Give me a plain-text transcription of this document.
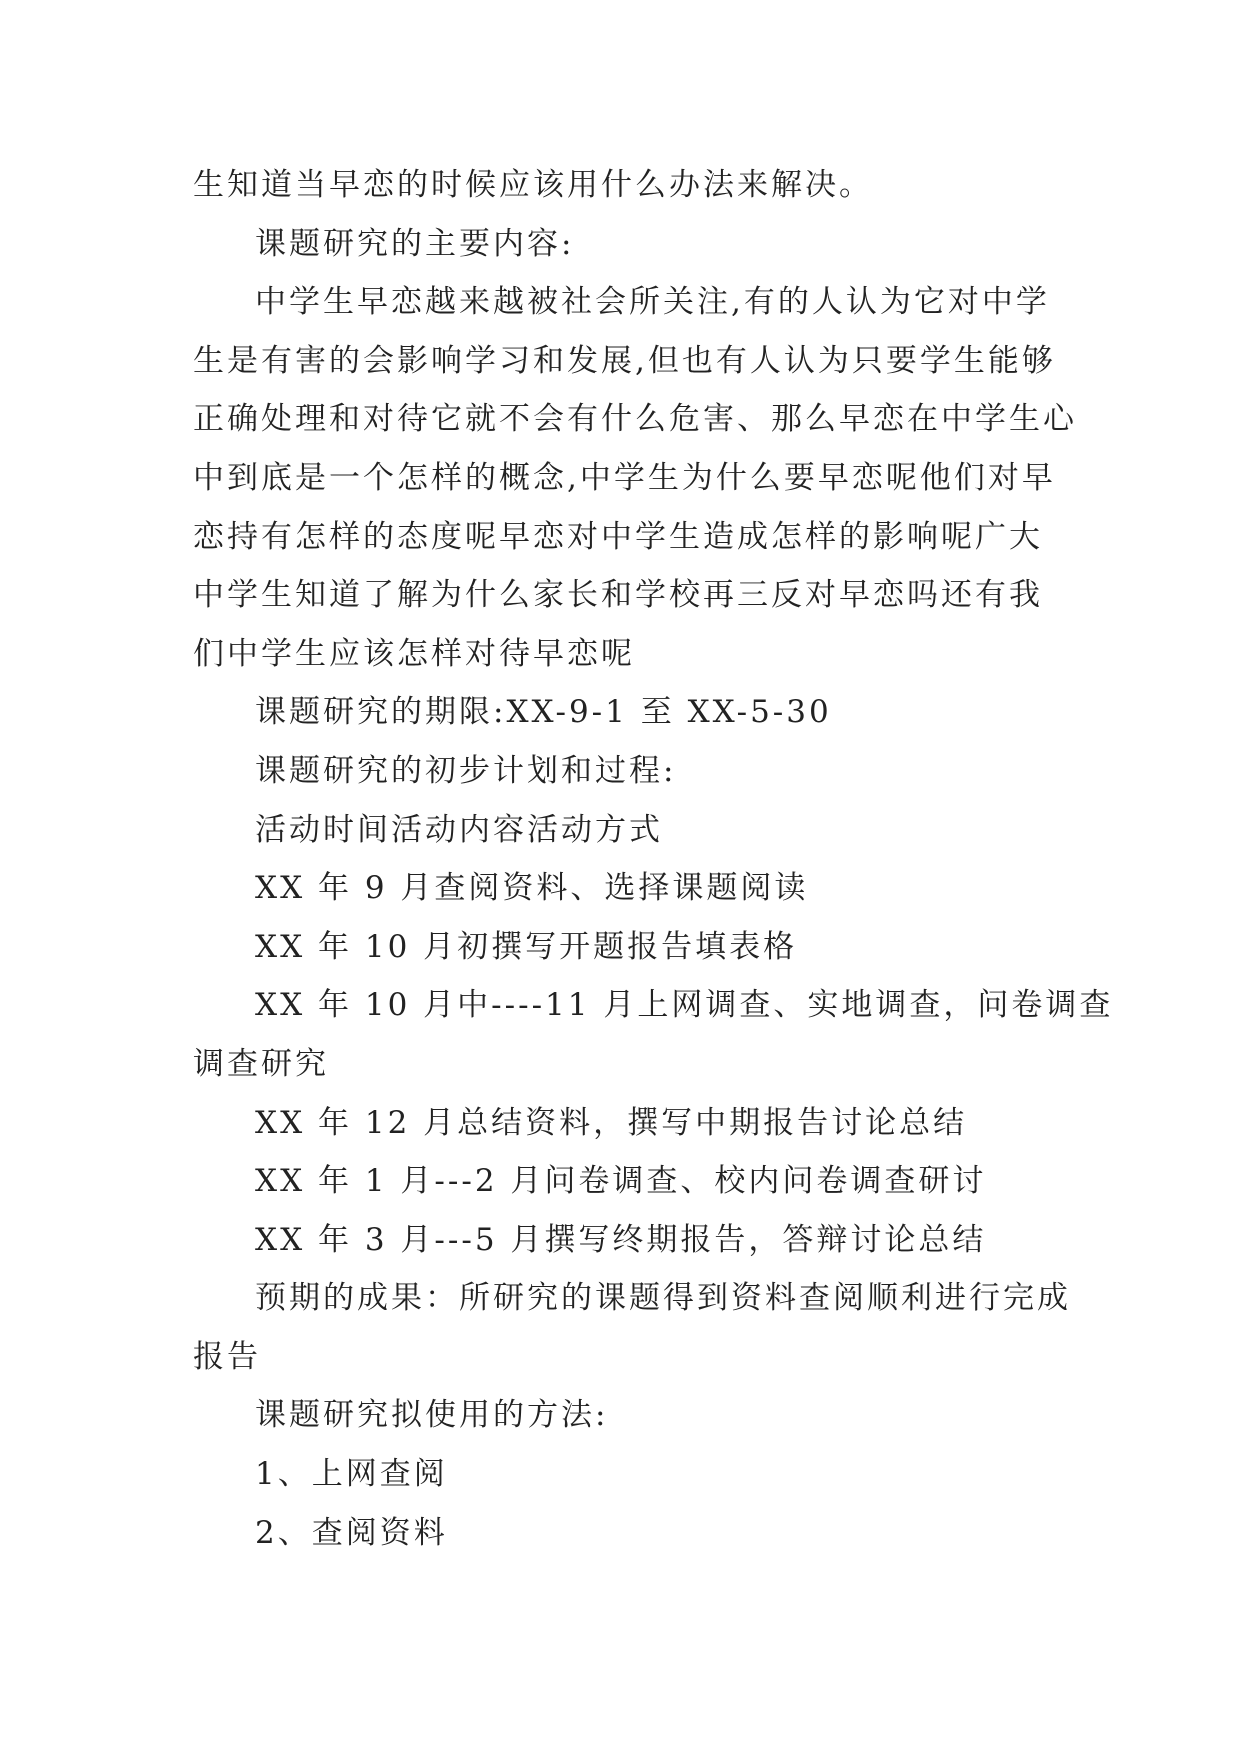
生知道当早恋的时候应该用什么办法来解决。
课题研究的主要内容:
中学生早恋越来越被社会所关注,有的人认为它对中学
生是有害的会影响学习和发展,但也有人认为只要学生能够
正确处理和对待它就不会有什么危害、那么早恋在中学生心
中到底是一个怎样的概念,中学生为什么要早恋呢他们对早
恋持有怎样的态度呢早恋对中学生造成怎样的影响呢广大
中学生知道了解为什么家长和学校再三反对早恋吗还有我
们中学生应该怎样对待早恋呢
课题研究的期限:XX-9-1 至 XX-5-30
课题研究的初步计划和过程:
活动时间活动内容活动方式
XX 年 9 月查阅资料、选择课题阅读
XX 年 10 月初撰写开题报告填表格
XX 年 10 月中----11 月上网调查、实地调查，问卷调查
调查研究
XX 年 12 月总结资料，撰写中期报告讨论总结
XX 年 1 月---2 月问卷调查、校内问卷调查研讨
XX 年 3 月---5 月撰写终期报告，答辩讨论总结
预期的成果：所研究的课题得到资料查阅顺利进行完成
报告
课题研究拟使用的方法:
1、上网查阅
2、查阅资料
